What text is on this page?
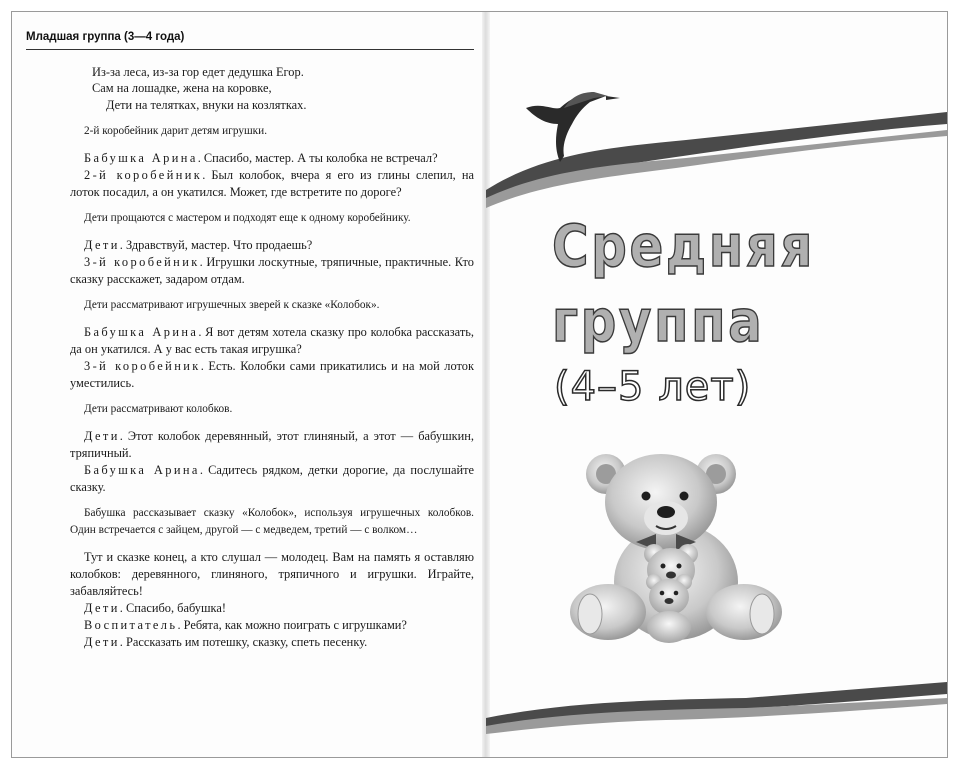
Младшая группа (3—4 года)
Из-за леса, из-за гор едет дедушка Егор.
Сам на лошадке, жена на коровке,
Дети на телятках, внуки на козлятках.
2-й коробейник дарит детям игрушки.

Бабушка Арина. Спасибо, мастер. А ты колобка не встречал?

2-й коробейник. Был колобок, вчера я его из глины слепил, на лоток посадил, а он укатился. Может, где встретите по дороге?

Дети прощаются с мастером и подходят еще к одному коробейнику.

Дети. Здравствуй, мастер. Что продаешь?

3-й коробейник. Игрушки лоскутные, тряпичные, практичные. Кто сказку расскажет, задаром отдам.

Дети рассматривают игрушечных зверей к сказке «Колобок».

Бабушка Арина. Я вот детям хотела сказку про колобка рассказать, да он укатился. А у вас есть такая игрушка?

3-й коробейник. Есть. Колобки сами прикатились и на мой лоток уместились.

Дети рассматривают колобков.

Дети. Этот колобок деревянный, этот глиняный, а этот — бабушкин, тряпичный.

Бабушка Арина. Садитесь рядком, детки дорогие, да послушайте сказку.

Бабушка рассказывает сказку «Колобок», используя игрушечных колобков. Один встречается с зайцем, другой — с медведем, третий — с волком…

Тут и сказке конец, а кто слушал — молодец. Вам на память я оставляю колобков: деревянного, глиняного, тряпичного и игрушки. Играйте, забавляйтесь!

Дети. Спасибо, бабушка!

Воспитатель. Ребята, как можно поиграть с игрушками?

Дети. Рассказать им потешку, сказку, спеть песенку.

Средняя
группа
(4–5 лет)
